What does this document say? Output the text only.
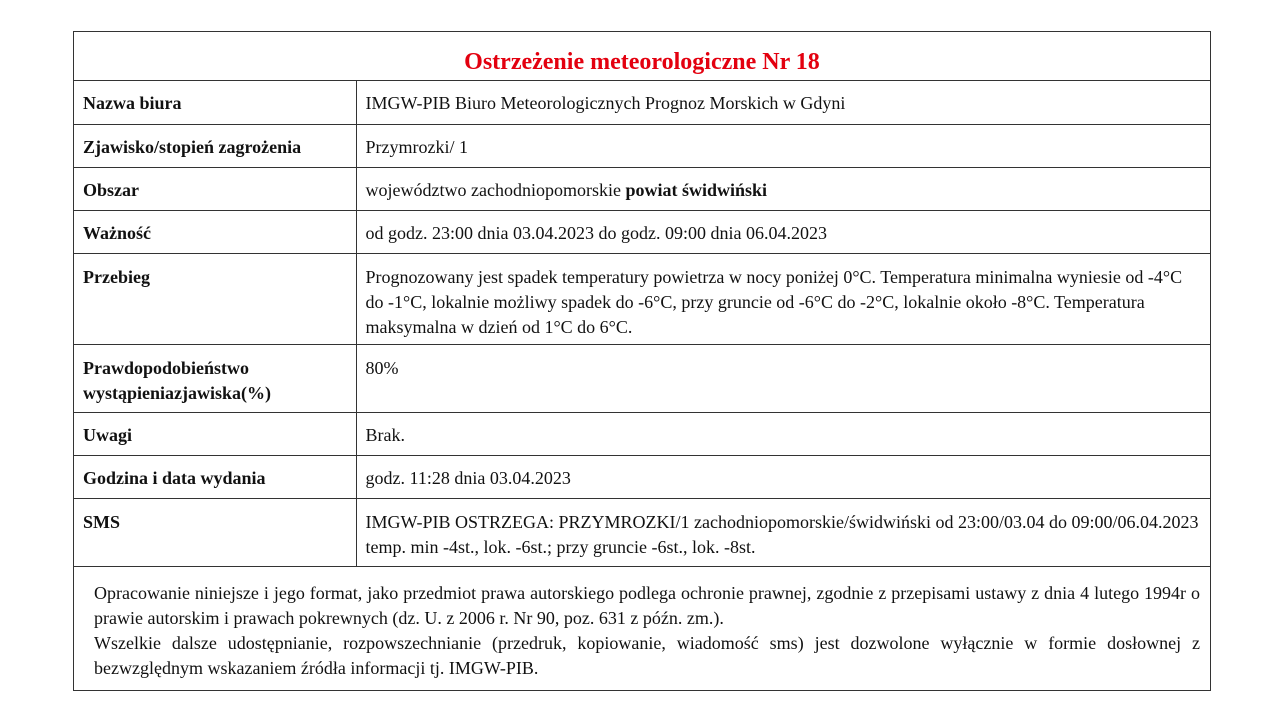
Ostrzeżenie meteorologiczne Nr 18
Nazwa biura	IMGW-PIB Biuro Meteorologicznych Prognoz Morskich w Gdyni
Zjawisko/stopień zagrożenia	Przymrozki/ 1
Obszar	województwo zachodniopomorskie powiat świdwiński
Ważność	od godz. 23:00 dnia 03.04.2023 do godz. 09:00 dnia 06.04.2023
Przebieg	Prognozowany jest spadek temperatury powietrza w nocy poniżej 0°C. Temperatura minimalna wyniesie od -4°C do -1°C, lokalnie możliwy spadek do -6°C, przy gruncie od -6°C do -2°C, lokalnie około -8°C. Temperatura maksymalna w dzień od 1°C do 6°C.
Prawdopodobieństwo
wystąpieniazjawiska(%)	80%
Uwagi	Brak.
Godzina i data wydania	godz. 11:28 dnia 03.04.2023
SMS	IMGW-PIB OSTRZEGA: PRZYMROZKI/1 zachodniopomorskie/świdwiński od 23:00/03.04 do 09:00/06.04.2023 temp. min -4st., lok. -6st.; przy gruncie -6st., lok. -8st.

Opracowanie niniejsze i jego format, jako przedmiot prawa autorskiego podlega ochronie prawnej, zgodnie z przepisami ustawy z dnia 4 lutego 1994r o prawie autorskim i prawach pokrewnych (dz. U. z 2006 r. Nr 90, poz. 631 z późn. zm.).

Wszelkie dalsze udostępnianie, rozpowszechnianie (przedruk, kopiowanie, wiadomość sms) jest dozwolone wyłącznie w formie dosłownej z bezwzględnym wskazaniem źródła informacji tj. IMGW-PIB.
